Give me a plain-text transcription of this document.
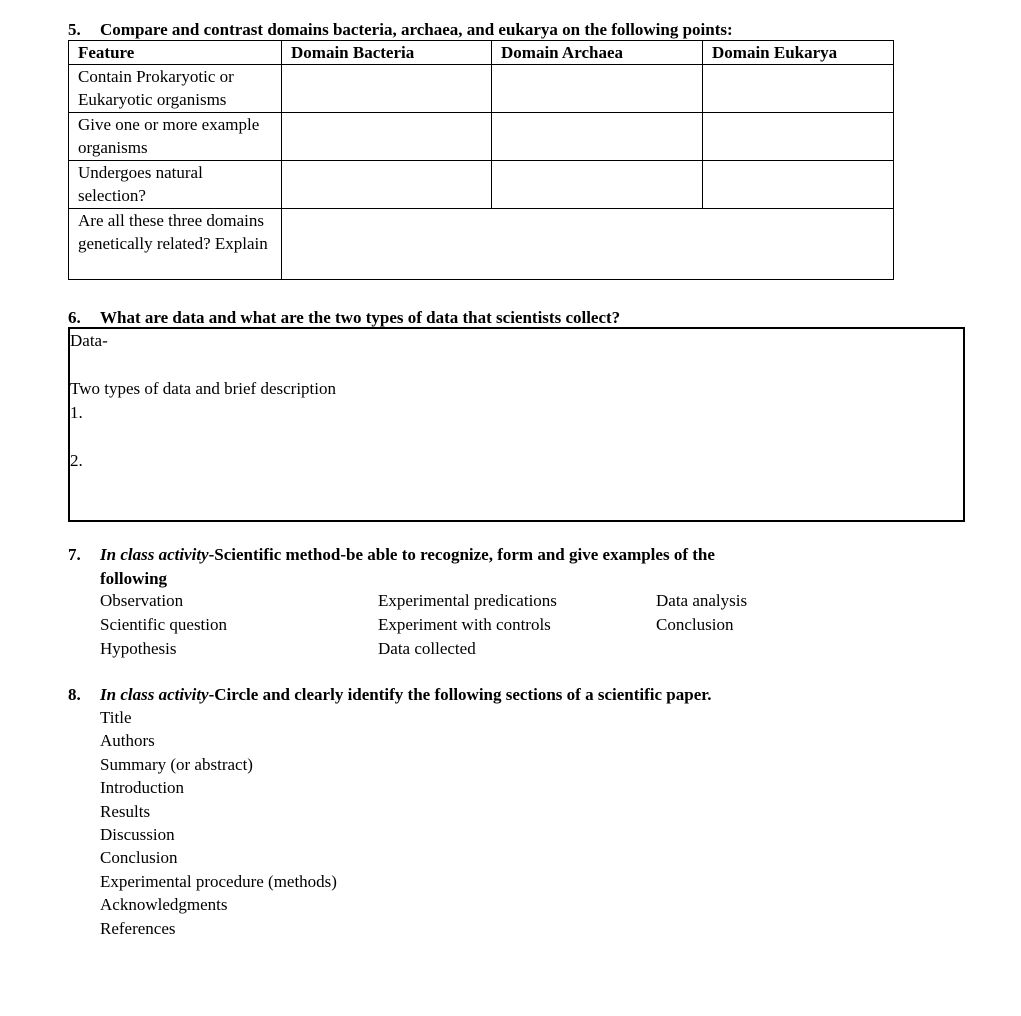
5. Compare and contrast domains bacteria, archaea, and eukarya on the following points:
Feature	Domain Bacteria	Domain Archaea	Domain Eukarya
Contain Prokaryotic or Eukaryotic organisms			
Give one or more example organisms			
Undergoes natural selection?			
Are all these three domains genetically related? Explain			
6. What are data and what are the two types of data that scientists collect?
Data-
Two types of data and brief description
1.
2.
7. In class activity-Scientific method-be able to recognize, form and give examples of the
following
Observation	Experimental predications	Data analysis
Scientific question	Experiment with controls	Conclusion
Hypothesis	Data collected
8. In class activity-Circle and clearly identify the following sections of a scientific paper.
Title
Authors
Summary (or abstract)
Introduction
Results
Discussion
Conclusion
Experimental procedure (methods)
Acknowledgments
References
